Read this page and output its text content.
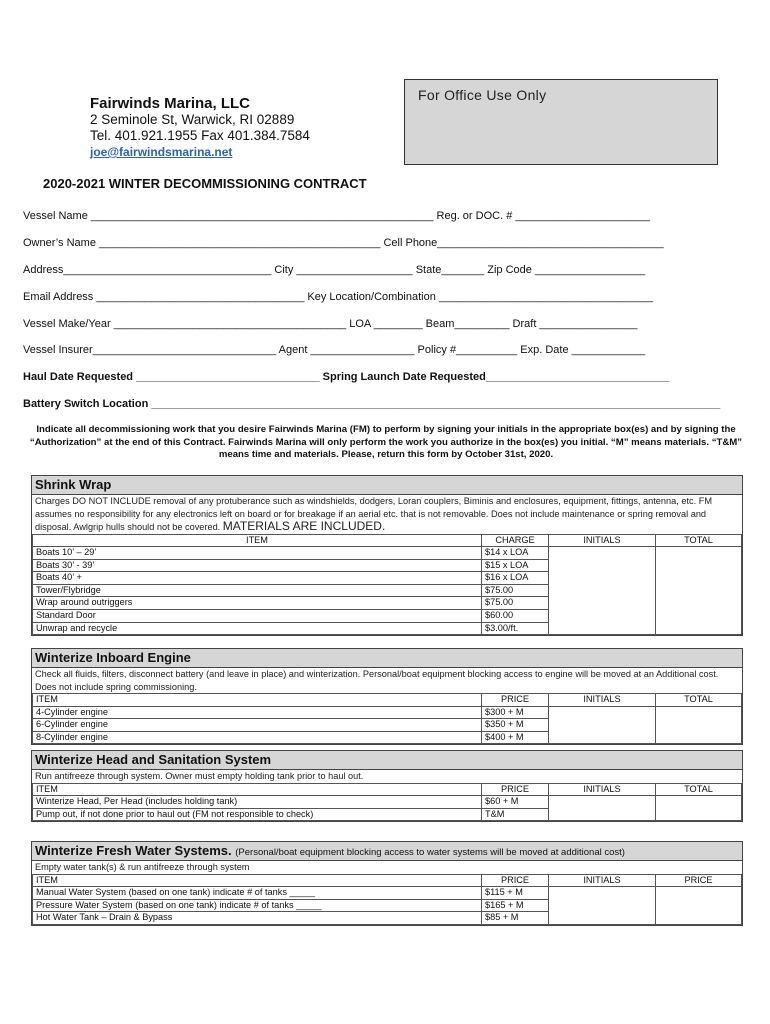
Fairwinds Marina, LLC
2 Seminole St, Warwick, RI 02889
Tel. 401.921.1955 Fax 401.384.7584
joe@fairwindsmarina.net
For Office Use Only
2020-2021 WINTER DECOMMISSIONING CONTRACT
Vessel Name ________________________________________________________ Reg. or DOC. # ______________________
Owner’s Name ______________________________________________ Cell Phone_____________________________________
Address__________________________________ City ___________________ State_______ Zip Code __________________
Email Address __________________________________ Key Location/Combination ___________________________________
Vessel Make/Year ______________________________________ LOA ________ Beam_________ Draft ________________
Vessel Insurer______________________________ Agent _________________ Policy #__________ Exp. Date ____________
Haul Date Requested ______________________________ Spring Launch Date Requested______________________________
Battery Switch Location _____________________________________________________________________________________________
Indicate all decommissioning work that you desire Fairwinds Marina (FM) to perform by signing your initials in the appropriate box(es) and by signing the “Authorization” at the end of this Contract. Fairwinds Marina will only perform the work you authorize in the box(es) you initial. “M” means materials. “T&M” means time and materials. Please, return this form by October 31st, 2020.
Shrink Wrap
Charges DO NOT INCLUDE removal of any protuberance such as windshields, dodgers, Loran couplers, Biminis and enclosures, equipment, fittings, antenna, etc. FM assumes no responsibility for any electronics left on board or for breakage if an aerial etc. that is not removable. Does not include maintenance or spring removal and disposal. Awlgrip hulls should not be covered. MATERIALS ARE INCLUDED.
ITEM	CHARGE	INITIALS	TOTAL
Boats 10’ – 29’	$14 x LOA		
Boats 30’ - 39’	$15 x LOA		
Boats 40’ +	$16 x LOA		
Tower/Flybridge	$75.00		
Wrap around outriggers	$75.00		
Standard Door	$60.00		
Unwrap and recycle	$3.00/ft.		
Winterize Inboard Engine
Check all fluids, filters, disconnect battery (and leave in place) and winterization. Personal/boat equipment blocking access to engine will be moved at an Additional cost. Does not include spring commissioning.
ITEM	PRICE	INITIALS	TOTAL
4-Cylinder engine	$300 + M		
6-Cylinder engine	$350 + M		
8-Cylinder engine	$400 + M		
Winterize Head and Sanitation System
Run antifreeze through system. Owner must empty holding tank prior to haul out.
ITEM	PRICE	INITIALS	TOTAL
Winterize Head, Per Head (includes holding tank)	$60 + M		
Pump out, if not done prior to haul out (FM not responsible to check)	T&M		
Winterize Fresh Water Systems. (Personal/boat equipment blocking access to water systems will be moved at additional cost)
Empty water tank(s) & run antifreeze through system
ITEM	PRICE	INITIALS	PRICE
Manual Water System (based on one tank) indicate # of tanks _____	$115 + M		
Pressure Water System (based on one tank) indicate # of tanks _____	$165 + M		
Hot Water Tank – Drain & Bypass	$85 + M		
